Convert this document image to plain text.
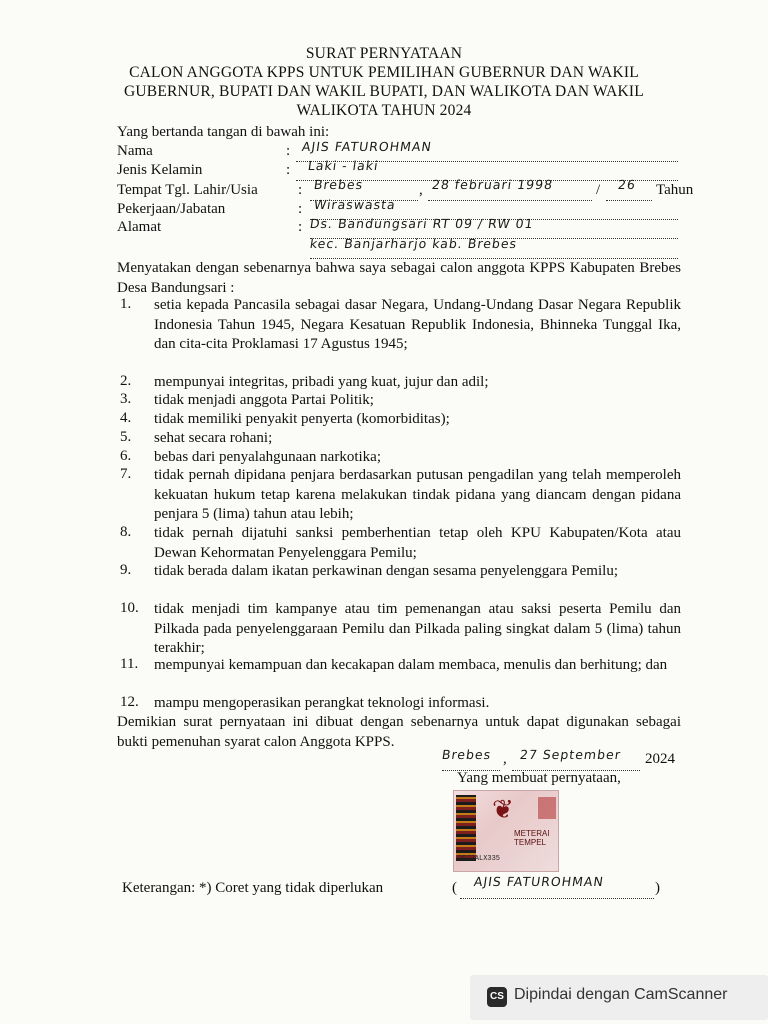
SURAT PERNYATAAN
CALON ANGGOTA KPPS UNTUK PEMILIHAN GUBERNUR DAN WAKIL
GUBERNUR, BUPATI DAN WAKIL BUPATI, DAN WALIKOTA DAN WAKIL
WALIKOTA TAHUN 2024
Yang bertanda tangan di bawah ini:
Nama	: AJIS FATUROHMAN
Jenis Kelamin	: Laki - laki
Tempat Tgl. Lahir/Usia	: Brebes	, 28 februari 1998	/ 26 Tahun
Pekerjaan/Jabatan	: Wiraswasta
Alamat	: Ds. Bandungsari RT 09 / RW 01
kec. Banjarharjo kab. Brebes
Menyatakan dengan sebenarnya bahwa saya sebagai calon anggota KPPS Kabupaten Brebes Desa Bandungsari :
1. setia kepada Pancasila sebagai dasar Negara, Undang-Undang Dasar Negara Republik Indonesia Tahun 1945, Negara Kesatuan Republik Indonesia, Bhinneka Tunggal Ika, dan cita-cita Proklamasi 17 Agustus 1945;
2. mempunyai integritas, pribadi yang kuat, jujur dan adil;
3. tidak menjadi anggota Partai Politik;
4. tidak memiliki penyakit penyerta (komorbiditas);
5. sehat secara rohani;
6. bebas dari penyalahgunaan narkotika;
7. tidak pernah dipidana penjara berdasarkan putusan pengadilan yang telah memperoleh kekuatan hukum tetap karena melakukan tindak pidana yang diancam dengan pidana penjara 5 (lima) tahun atau lebih;
8. tidak pernah dijatuhi sanksi pemberhentian tetap oleh KPU Kabupaten/Kota atau Dewan Kehormatan Penyelenggara Pemilu;
9. tidak berada dalam ikatan perkawinan dengan sesama penyelenggara Pemilu;
10. tidak menjadi tim kampanye atau tim pemenangan atau saksi peserta Pemilu dan Pilkada pada penyelenggaraan Pemilu dan Pilkada paling singkat dalam 5 (lima) tahun terakhir;
11. mempunyai kemampuan dan kecakapan dalam membaca, menulis dan berhitung; dan
12. mampu mengoperasikan perangkat teknologi informasi.
Demikian surat pernyataan ini dibuat dengan sebenarnya untuk dapat digunakan sebagai bukti pemenuhan syarat calon Anggota KPPS.
Brebes , 27 September 2024
Yang membuat pernyataan,
❦
METERAI TEMPEL
DD72ALX335
Keterangan: *) Coret yang tidak diperlukan	( AJIS FATUROHMAN	)
CS Dipindai dengan CamScanner
